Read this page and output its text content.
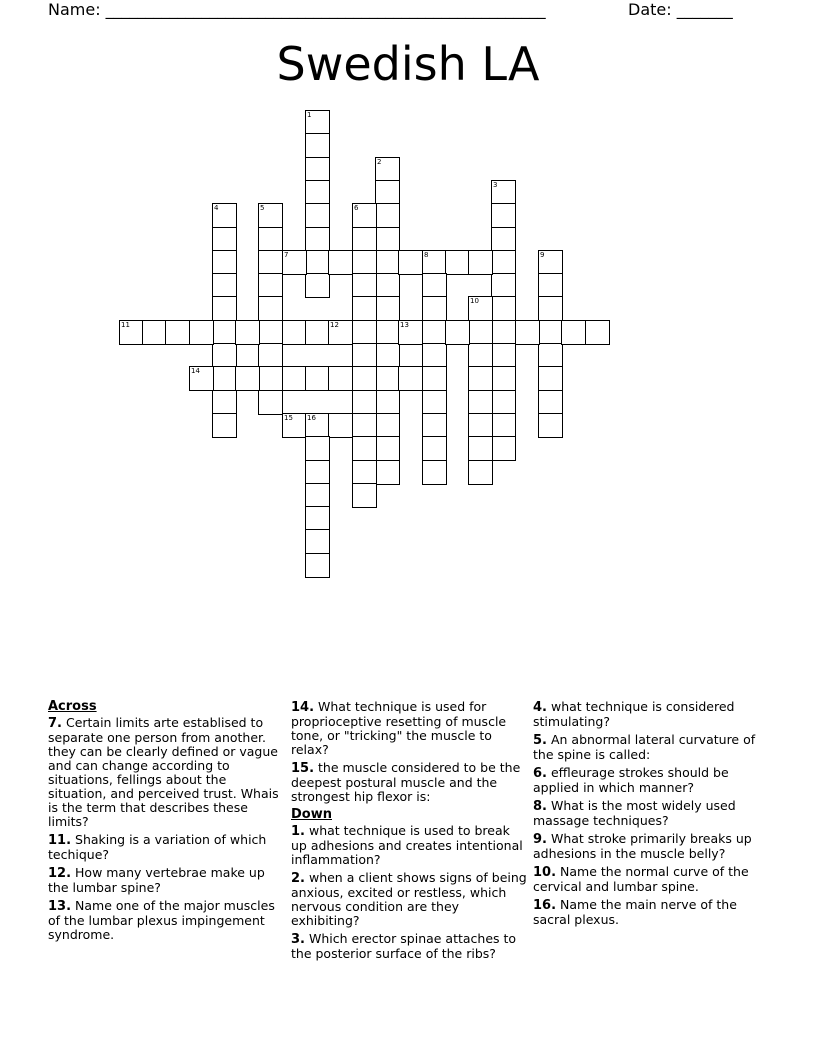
Name: _______________________________________________________	Date: _______
Swedish LA
1
2
3
4	5	6
7	8	9
10
11	12	13
14
15 16
Across
7. Certain limits arte establised to separate one person from another. they can be clearly defined or vague and can change according to situations, fellings about the situation, and perceived trust. Whais is the term that describes these limits?
11. Shaking is a variation of which techique?
12. How many vertebrae make up the lumbar spine?
13. Name one of the major muscles of the lumbar plexus impingement syndrome.
14. What technique is used for proprioceptive resetting of muscle tone, or "tricking" the muscle to relax?
15. the muscle considered to be the deepest postural muscle and the strongest hip flexor is:
Down
1. what technique is used to break up adhesions and creates intentional inflammation?
2. when a client shows signs of being anxious, excited or restless, which nervous condition are they exhibiting?
3. Which erector spinae attaches to the posterior surface of the ribs?
4. what technique is considered stimulating?
5. An abnormal lateral curvature of the spine is called:
6. effleurage strokes should be applied in which manner?
8. What is the most widely used massage techniques?
9. What stroke primarily breaks up adhesions in the muscle belly?
10. Name the normal curve of the cervical and lumbar spine.
16. Name the main nerve of the sacral plexus.
